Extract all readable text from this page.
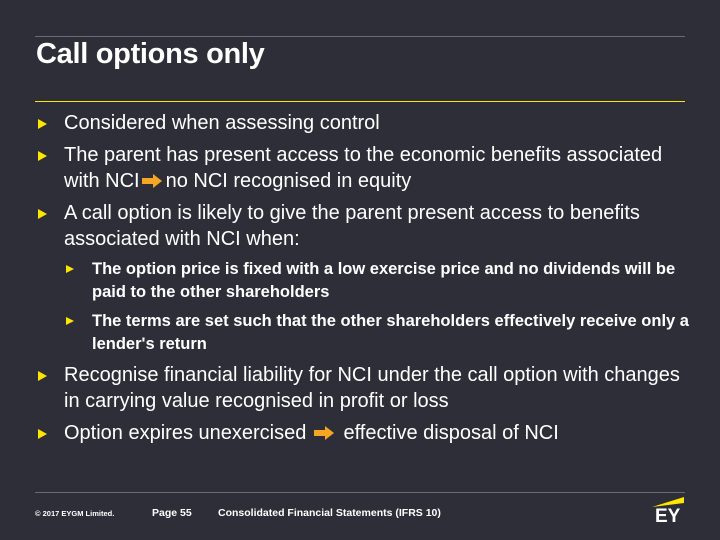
Call options only
Considered when assessing control
The parent has present access to the economic benefits associated with NCI no NCI recognised in equity
A call option is likely to give the parent present access to benefits associated with NCI when:
The option price is fixed with a low exercise price and no dividends will be paid to the other shareholders
The terms are set such that the other shareholders effectively receive only a lender's return
Recognise financial liability for NCI under the call option with changes in carrying value recognised in profit or loss
Option expires unexercised effective disposal of NCI
© 2017 EYGM Limited.	Page 55	Consolidated Financial Statements (IFRS 10)	EY
